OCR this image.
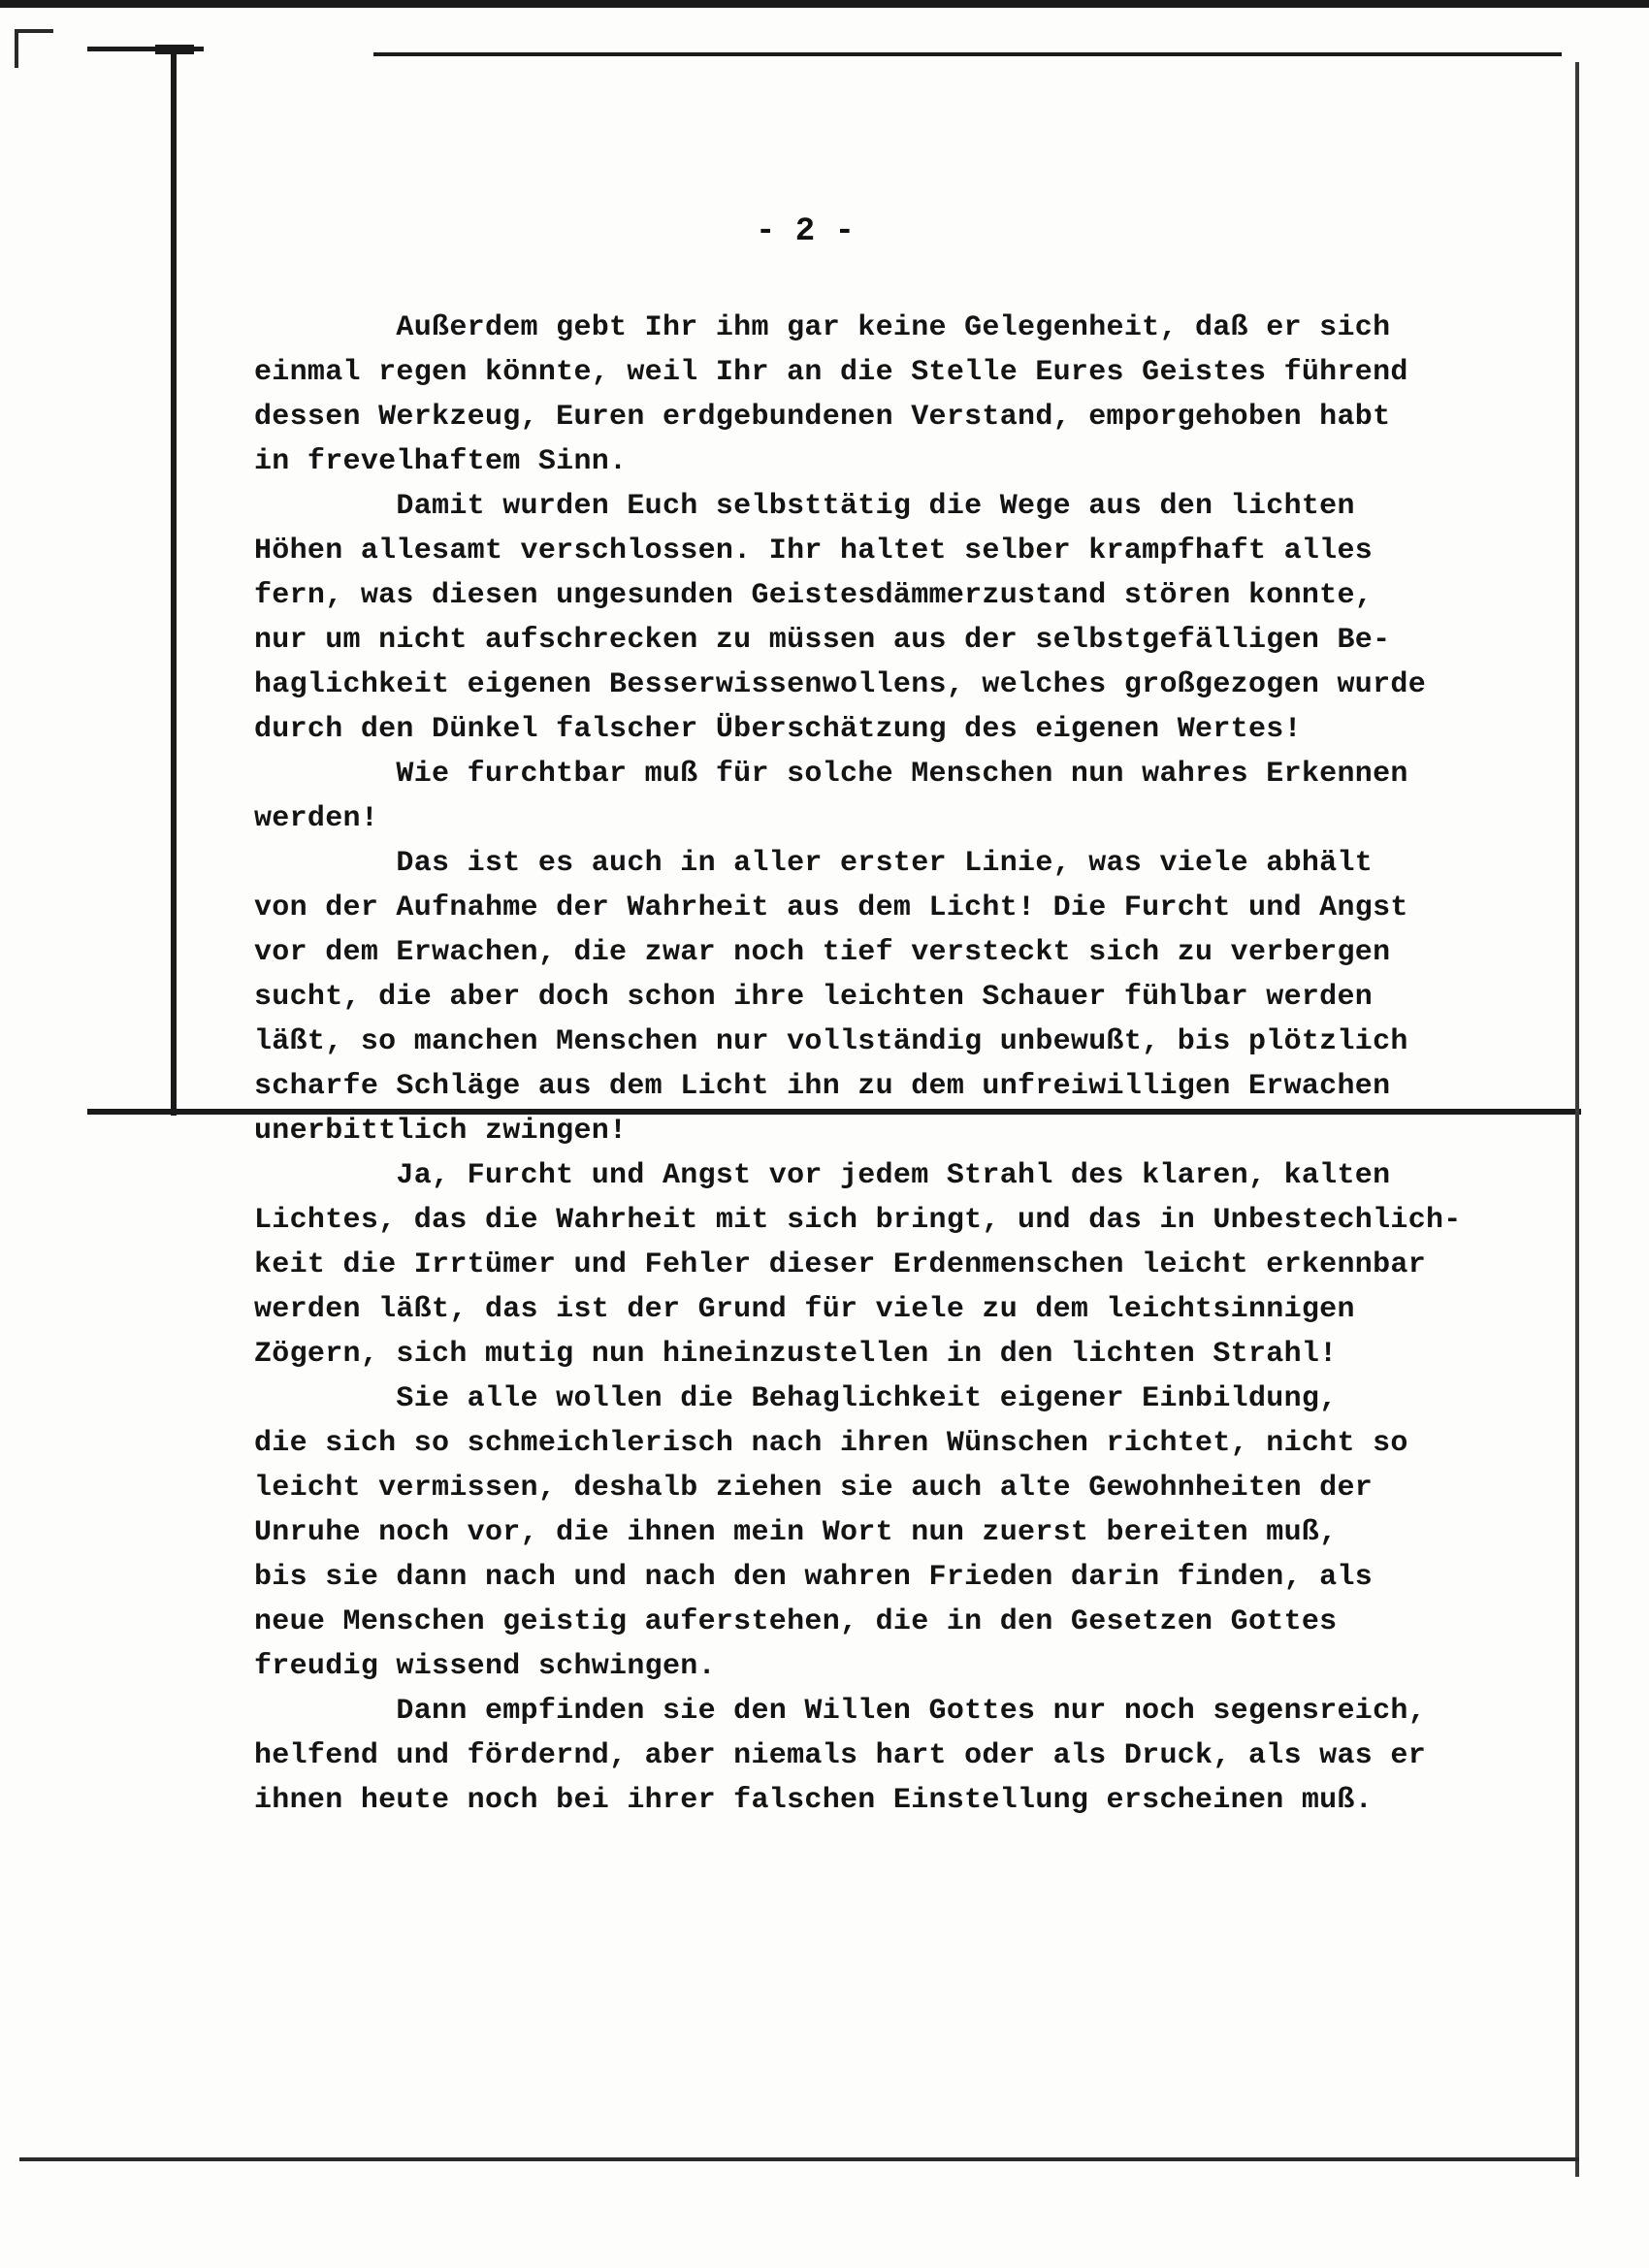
- 2 -
Außerdem gebt Ihr ihm gar keine Gelegenheit, daß er sich
einmal regen könnte, weil Ihr an die Stelle Eures Geistes führend
dessen Werkzeug, Euren erdgebundenen Verstand, emporgehoben habt
in frevelhaftem Sinn.
Damit wurden Euch selbsttätig die Wege aus den lichten
Höhen allesamt verschlossen. Ihr haltet selber krampfhaft alles
fern, was diesen ungesunden Geistesdämmerzustand stören konnte,
nur um nicht aufschrecken zu müssen aus der selbstgefälligen Be-
haglichkeit eigenen Besserwissenwollens, welches großgezogen wurde
durch den Dünkel falscher Überschätzung des eigenen Wertes!
Wie furchtbar muß für solche Menschen nun wahres Erkennen
werden!
Das ist es auch in aller erster Linie, was viele abhält
von der Aufnahme der Wahrheit aus dem Licht! Die Furcht und Angst
vor dem Erwachen, die zwar noch tief versteckt sich zu verbergen
sucht, die aber doch schon ihre leichten Schauer fühlbar werden
läßt, so manchen Menschen nur vollständig unbewußt, bis plötzlich
scharfe Schläge aus dem Licht ihn zu dem unfreiwilligen Erwachen
unerbittlich zwingen!
Ja, Furcht und Angst vor jedem Strahl des klaren, kalten
Lichtes, das die Wahrheit mit sich bringt, und das in Unbestechlich-
keit die Irrtümer und Fehler dieser Erdenmenschen leicht erkennbar
werden läßt, das ist der Grund für viele zu dem leichtsinnigen
Zögern, sich mutig nun hineinzustellen in den lichten Strahl!
Sie alle wollen die Behaglichkeit eigener Einbildung,
die sich so schmeichlerisch nach ihren Wünschen richtet, nicht so
leicht vermissen, deshalb ziehen sie auch alte Gewohnheiten der
Unruhe noch vor, die ihnen mein Wort nun zuerst bereiten muß,
bis sie dann nach und nach den wahren Frieden darin finden, als
neue Menschen geistig auferstehen, die in den Gesetzen Gottes
freudig wissend schwingen.
Dann empfinden sie den Willen Gottes nur noch segensreich,
helfend und fördernd, aber niemals hart oder als Druck, als was er
ihnen heute noch bei ihrer falschen Einstellung erscheinen muß.
